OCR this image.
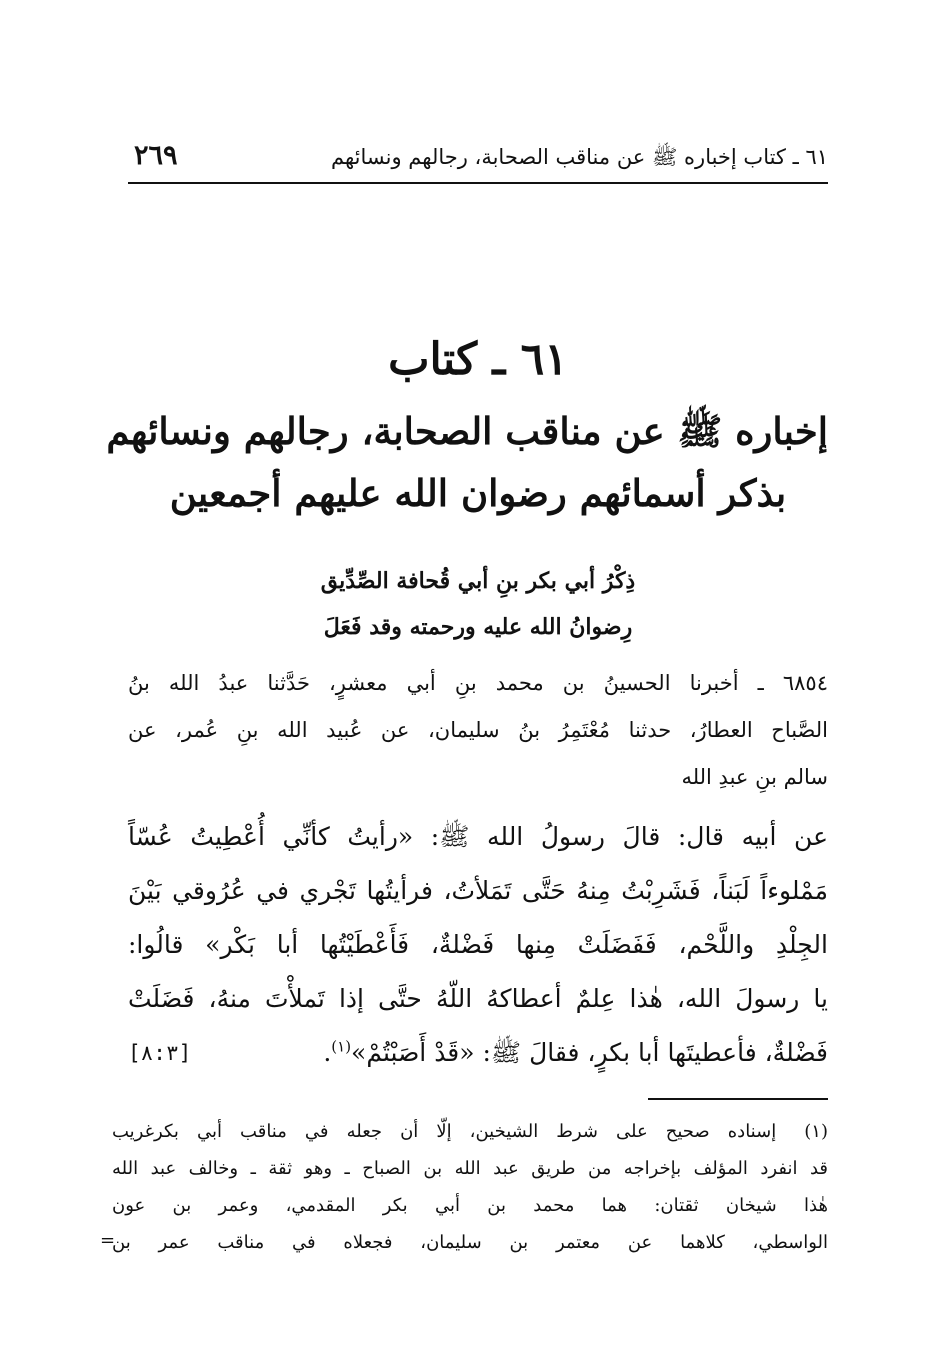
٦١ ـ كتاب إخباره ﷺ عن مناقب الصحابة، رجالهم ونسائهم
٢٦٩
٦١ ـ كتاب
إخباره ﷺ عن مناقب الصحابة، رجالهم ونسائهم
بذكر أسمائهم رضوان الله عليهم أجمعين
ذِكْرُ أبي بكر بنِ أبي قُحافة الصِّدِّيق
رِضوانُ الله عليه ورحمته وقد فَعَلَ
٦٨٥٤ ـ أخبرنا الحسينُ بن محمد بنِ أبي معشرٍ، حَدَّثنا عبدُ الله بنُ
الصَّباح العطارُ، حدثنا مُعْتَمِرُ بنُ سليمان، عن عُبيد الله بنِ عُمر، عن
سالم بنِ عبدِ الله
عن أبيه قال: قالَ رسولُ الله ﷺ: «رأيتُ كأنِّي أُعْطِيتُ عُسّاً
مَمْلوءاً لَبَناً، فَشَرِبْتُ مِنهُ حَتَّى تَمَلأتُ، فرأيتُها تَجْري في عُرُوقي بَيْنَ
الجِلْدِ واللَّحْم، فَفَضَلَتْ مِنها فَضْلةٌ، فَأَعْطَيْتُها أبا بَكْر» قالُوا:
يا رسولَ الله، هٰذا عِلمٌ أعطاكهُ اللّهُ حتَّى إذا تَملأْتَ منهُ، فَضَلَتْ
فَضْلةٌ، فأعطيتَها أبا بكرٍ، فقالَ ﷺ: «قَدْ أَصَبْتُمْ»$^{(١)}$.
[٨:٣]
(١) إسناده صحيح على شرط الشيخين، إلّا أن جعله في مناقب أبي بكرغريب
قد انفرد المؤلف بإخراجه من طريق عبد الله بن الصباح ـ وهو ثقة ـ وخالف عبد الله
هٰذا شيخان ثقتان: هما محمد بن أبي بكر المقدمي، وعمر بن عون
الواسطي، كلاهما عن معتمر بن سليمان، فجعلاه في مناقب عمر بن
=
